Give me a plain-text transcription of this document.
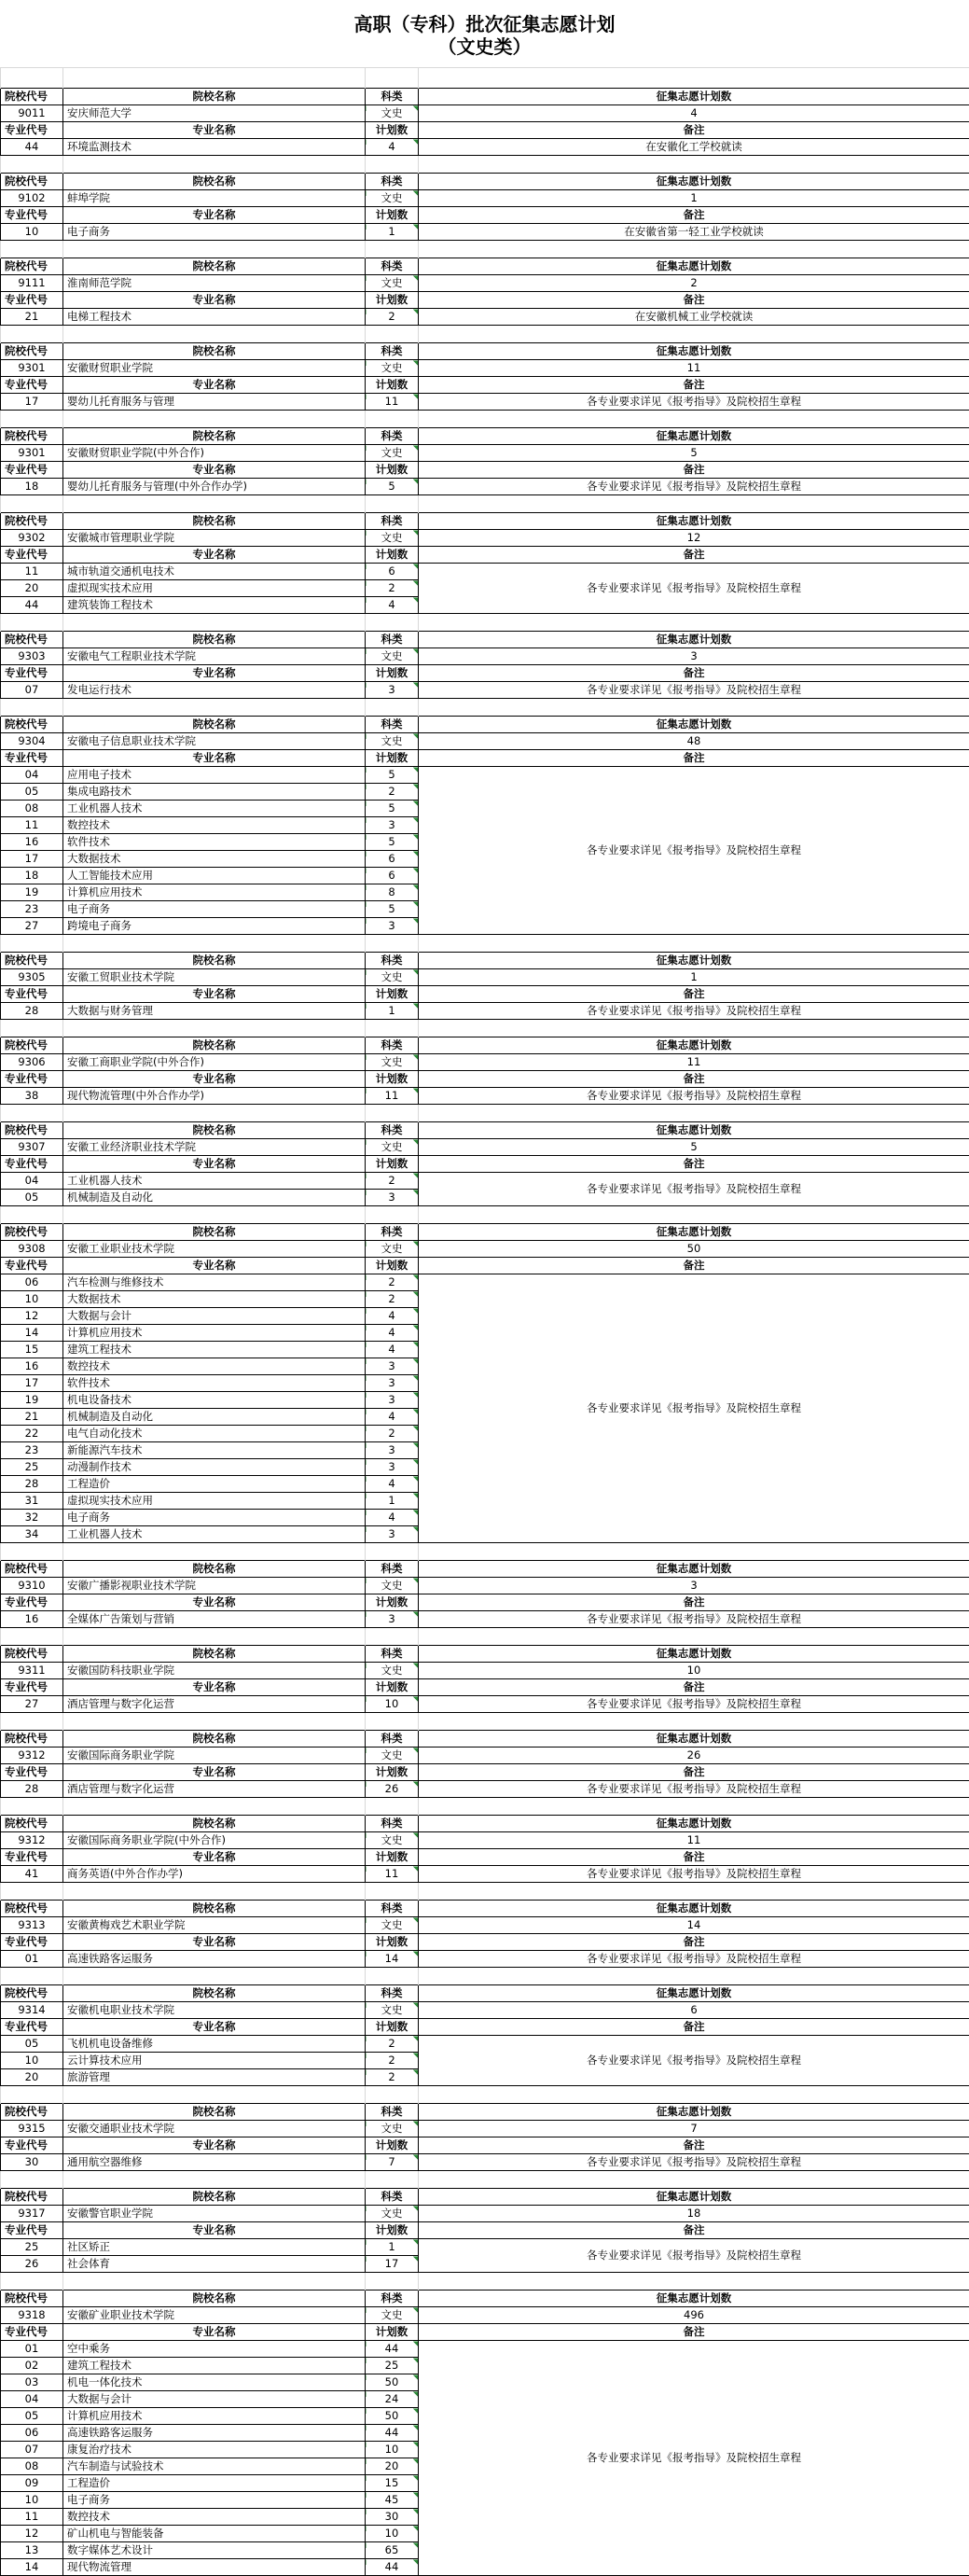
高职（专科）批次征集志愿计划
（文史类）

院校代号	院校名称	科类	征集志愿计划数
9011	安庆师范大学	文史	4
专业代号	专业名称	计划数	备注
44	环境监测技术	4	在安徽化工学校就读

院校代号	院校名称	科类	征集志愿计划数
9102	蚌埠学院	文史	1
专业代号	专业名称	计划数	备注
10	电子商务	1	在安徽省第一轻工业学校就读

院校代号	院校名称	科类	征集志愿计划数
9111	淮南师范学院	文史	2
专业代号	专业名称	计划数	备注
21	电梯工程技术	2	在安徽机械工业学校就读

院校代号	院校名称	科类	征集志愿计划数
9301	安徽财贸职业学院	文史	11
专业代号	专业名称	计划数	备注
17	婴幼儿托育服务与管理	11	各专业要求详见《报考指导》及院校招生章程

院校代号	院校名称	科类	征集志愿计划数
9301	安徽财贸职业学院(中外合作)	文史	5
专业代号	专业名称	计划数	备注
18	婴幼儿托育服务与管理(中外合作办学)	5	各专业要求详见《报考指导》及院校招生章程

院校代号	院校名称	科类	征集志愿计划数
9302	安徽城市管理职业学院	文史	12
专业代号	专业名称	计划数	备注
11	城市轨道交通机电技术	6	各专业要求详见《报考指导》及院校招生章程
20	虚拟现实技术应用	2	
44	建筑装饰工程技术	4	

院校代号	院校名称	科类	征集志愿计划数
9303	安徽电气工程职业技术学院	文史	3
专业代号	专业名称	计划数	备注
07	发电运行技术	3	各专业要求详见《报考指导》及院校招生章程

院校代号	院校名称	科类	征集志愿计划数
9304	安徽电子信息职业技术学院	文史	48
专业代号	专业名称	计划数	备注
04	应用电子技术	5	各专业要求详见《报考指导》及院校招生章程
05	集成电路技术	2	
08	工业机器人技术	5	
11	数控技术	3	
16	软件技术	5	
17	大数据技术	6	
18	人工智能技术应用	6	
19	计算机应用技术	8	
23	电子商务	5	
27	跨境电子商务	3	

院校代号	院校名称	科类	征集志愿计划数
9305	安徽工贸职业技术学院	文史	1
专业代号	专业名称	计划数	备注
28	大数据与财务管理	1	各专业要求详见《报考指导》及院校招生章程

院校代号	院校名称	科类	征集志愿计划数
9306	安徽工商职业学院(中外合作)	文史	11
专业代号	专业名称	计划数	备注
38	现代物流管理(中外合作办学)	11	各专业要求详见《报考指导》及院校招生章程

院校代号	院校名称	科类	征集志愿计划数
9307	安徽工业经济职业技术学院	文史	5
专业代号	专业名称	计划数	备注
04	工业机器人技术	2	各专业要求详见《报考指导》及院校招生章程
05	机械制造及自动化	3	

院校代号	院校名称	科类	征集志愿计划数
9308	安徽工业职业技术学院	文史	50
专业代号	专业名称	计划数	备注
06	汽车检测与维修技术	2	各专业要求详见《报考指导》及院校招生章程
10	大数据技术	2	
12	大数据与会计	4	
14	计算机应用技术	4	
15	建筑工程技术	4	
16	数控技术	3	
17	软件技术	3	
19	机电设备技术	3	
21	机械制造及自动化	4	
22	电气自动化技术	2	
23	新能源汽车技术	3	
25	动漫制作技术	3	
28	工程造价	4	
31	虚拟现实技术应用	1	
32	电子商务	4	
34	工业机器人技术	3	

院校代号	院校名称	科类	征集志愿计划数
9310	安徽广播影视职业技术学院	文史	3
专业代号	专业名称	计划数	备注
16	全媒体广告策划与营销	3	各专业要求详见《报考指导》及院校招生章程

院校代号	院校名称	科类	征集志愿计划数
9311	安徽国防科技职业学院	文史	10
专业代号	专业名称	计划数	备注
27	酒店管理与数字化运营	10	各专业要求详见《报考指导》及院校招生章程

院校代号	院校名称	科类	征集志愿计划数
9312	安徽国际商务职业学院	文史	26
专业代号	专业名称	计划数	备注
28	酒店管理与数字化运营	26	各专业要求详见《报考指导》及院校招生章程

院校代号	院校名称	科类	征集志愿计划数
9312	安徽国际商务职业学院(中外合作)	文史	11
专业代号	专业名称	计划数	备注
41	商务英语(中外合作办学)	11	各专业要求详见《报考指导》及院校招生章程

院校代号	院校名称	科类	征集志愿计划数
9313	安徽黄梅戏艺术职业学院	文史	14
专业代号	专业名称	计划数	备注
01	高速铁路客运服务	14	各专业要求详见《报考指导》及院校招生章程

院校代号	院校名称	科类	征集志愿计划数
9314	安徽机电职业技术学院	文史	6
专业代号	专业名称	计划数	备注
05	飞机机电设备维修	2	各专业要求详见《报考指导》及院校招生章程
10	云计算技术应用	2	
20	旅游管理	2	

院校代号	院校名称	科类	征集志愿计划数
9315	安徽交通职业技术学院	文史	7
专业代号	专业名称	计划数	备注
30	通用航空器维修	7	各专业要求详见《报考指导》及院校招生章程

院校代号	院校名称	科类	征集志愿计划数
9317	安徽警官职业学院	文史	18
专业代号	专业名称	计划数	备注
25	社区矫正	1	各专业要求详见《报考指导》及院校招生章程
26	社会体育	17	

院校代号	院校名称	科类	征集志愿计划数
9318	安徽矿业职业技术学院	文史	496
专业代号	专业名称	计划数	备注
01	空中乘务	44	各专业要求详见《报考指导》及院校招生章程
02	建筑工程技术	25	
03	机电一体化技术	50	
04	大数据与会计	24	
05	计算机应用技术	50	
06	高速铁路客运服务	44	
07	康复治疗技术	10	
08	汽车制造与试验技术	20	
09	工程造价	15	
10	电子商务	45	
11	数控技术	30	
12	矿山机电与智能装备	10	
13	数字媒体艺术设计	65	
14	现代物流管理	44	
